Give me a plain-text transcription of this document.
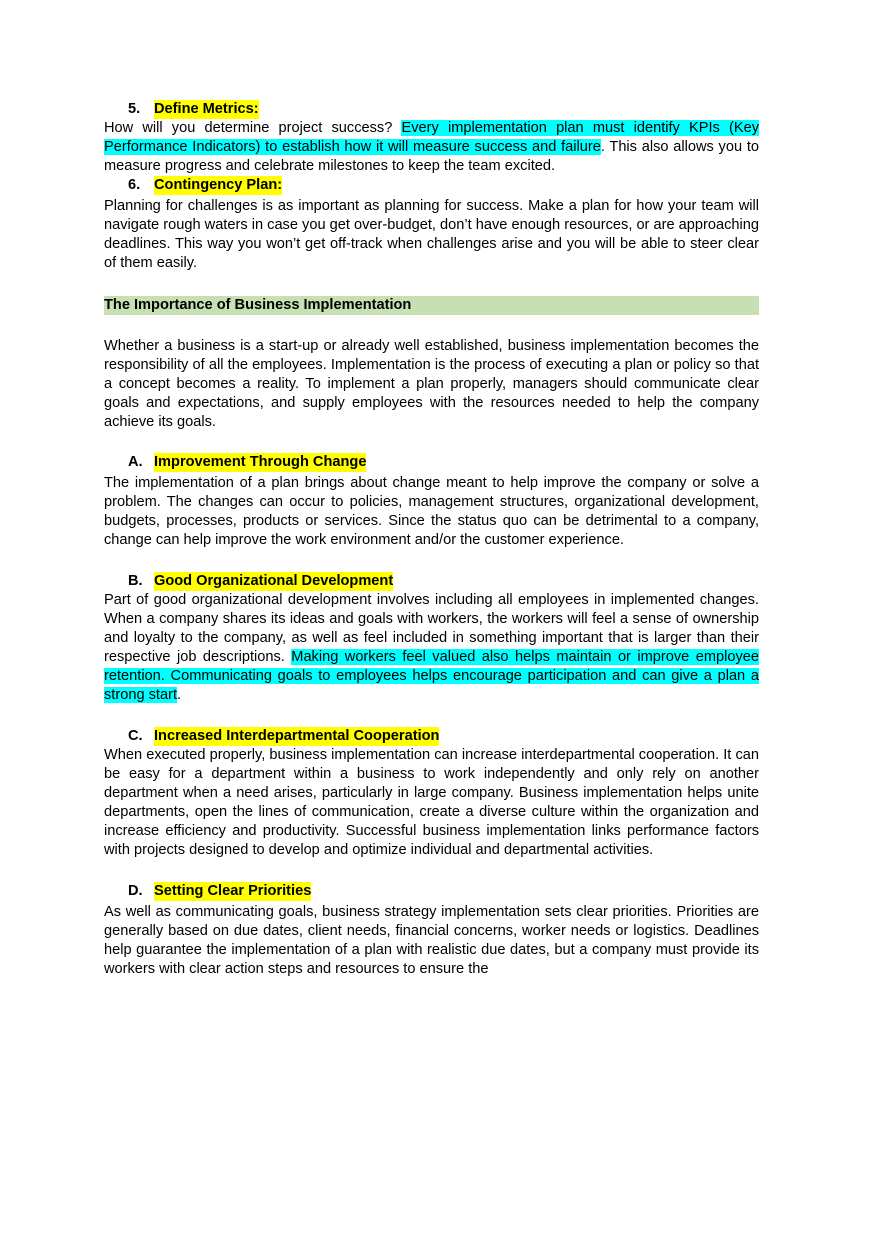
5. Define Metrics:

How will you determine project success? Every implementation plan must identify KPIs (Key Performance Indicators) to establish how it will measure success and failure. This also allows you to measure progress and celebrate milestones to keep the team excited.

6. Contingency Plan:

Planning for challenges is as important as planning for success. Make a plan for how your team will navigate rough waters in case you get over-budget, don’t have enough resources, or are approaching deadlines. This way you won’t get off-track when challenges arise and you will be able to steer clear of them easily.

The Importance of Business Implementation

Whether a business is a start-up or already well established, business implementation becomes the responsibility of all the employees. Implementation is the process of executing a plan or policy so that a concept becomes a reality. To implement a plan properly, managers should communicate clear goals and expectations, and supply employees with the resources needed to help the company achieve its goals.

A. Improvement Through Change

The implementation of a plan brings about change meant to help improve the company or solve a problem. The changes can occur to policies, management structures, organizational development, budgets, processes, products or services. Since the status quo can be detrimental to a company, change can help improve the work environment and/or the customer experience.

B. Good Organizational Development

Part of good organizational development involves including all employees in implemented changes. When a company shares its ideas and goals with workers, the workers will feel a sense of ownership and loyalty to the company, as well as feel included in something important that is larger than their respective job descriptions. Making workers feel valued also helps maintain or improve employee retention. Communicating goals to employees helps encourage participation and can give a plan a strong start.

C. Increased Interdepartmental Cooperation

When executed properly, business implementation can increase interdepartmental cooperation. It can be easy for a department within a business to work independently and only rely on another department when a need arises, particularly in large company. Business implementation helps unite departments, open the lines of communication, create a diverse culture within the organization and increase efficiency and productivity. Successful business implementation links performance factors with projects designed to develop and optimize individual and departmental activities.

D. Setting Clear Priorities

As well as communicating goals, business strategy implementation sets clear priorities. Priorities are generally based on due dates, client needs, financial concerns, worker needs or logistics. Deadlines help guarantee the implementation of a plan with realistic due dates, but a company must provide its workers with clear action steps and resources to ensure the
